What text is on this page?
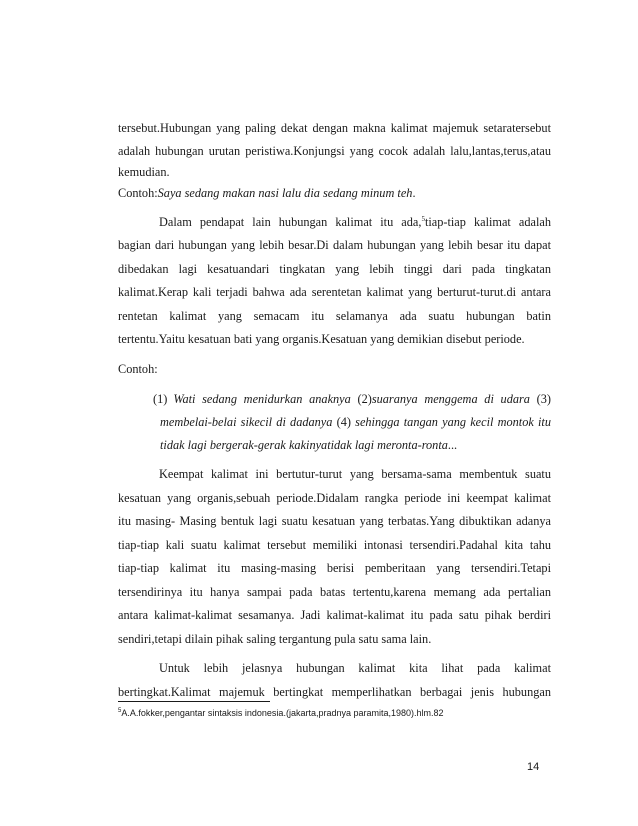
tersebut.Hubungan yang paling dekat dengan makna kalimat majemuk setaratersebut
adalah hubungan urutan peristiwa.Konjungsi yang cocok adalah lalu,lantas,terus,atau
kemudian.
Contoh:Saya sedang makan nasi lalu dia sedang minum teh.
Dalam pendapat lain hubungan kalimat itu ada,$^5$tiap-tiap kalimat adalah
bagian dari hubungan yang lebih besar.Di dalam hubungan yang lebih besar itu dapat
dibedakan lagi kesatuandari tingkatan yang lebih tinggi dari pada tingkatan
kalimat.Kerap kali terjadi bahwa ada serentetan kalimat yang berturut-turut.di antara
rentetan kalimat yang semacam itu selamanya ada suatu hubungan batin
tertentu.Yaitu kesatuan bati yang organis.Kesatuan yang demikian disebut periode.
Contoh:
(1) Wati sedang menidurkan anaknya (2)suaranya menggema di udara (3)
membelai-belai sikecil di dadanya (4) sehingga tangan yang kecil montok itu
tidak lagi bergerak-gerak kakinyatidak lagi meronta-ronta...
Keempat kalimat ini bertutur-turut yang bersama-sama membentuk suatu
kesatuan yang organis,sebuah periode.Didalam rangka periode ini keempat kalimat
itu masing- Masing bentuk lagi suatu kesatuan yang terbatas.Yang dibuktikan adanya
tiap-tiap kali suatu kalimat tersebut memiliki intonasi tersendiri.Padahal kita tahu
tiap-tiap kalimat itu masing-masing berisi pemberitaan yang tersendiri.Tetapi
tersendirinya itu hanya sampai pada batas tertentu,karena memang ada pertalian
antara kalimat-kalimat sesamanya. Jadi kalimat-kalimat itu pada satu pihak berdiri
sendiri,tetapi dilain pihak saling tergantung pula satu sama lain.
Untuk lebih jelasnya hubungan kalimat kita lihat pada kalimat
bertingkat.Kalimat majemuk bertingkat memperlihatkan berbagai jenis hubungan
$^5$A.A.fokker,pengantar sintaksis indonesia.(jakarta,pradnya paramita,1980).hlm.82
14
